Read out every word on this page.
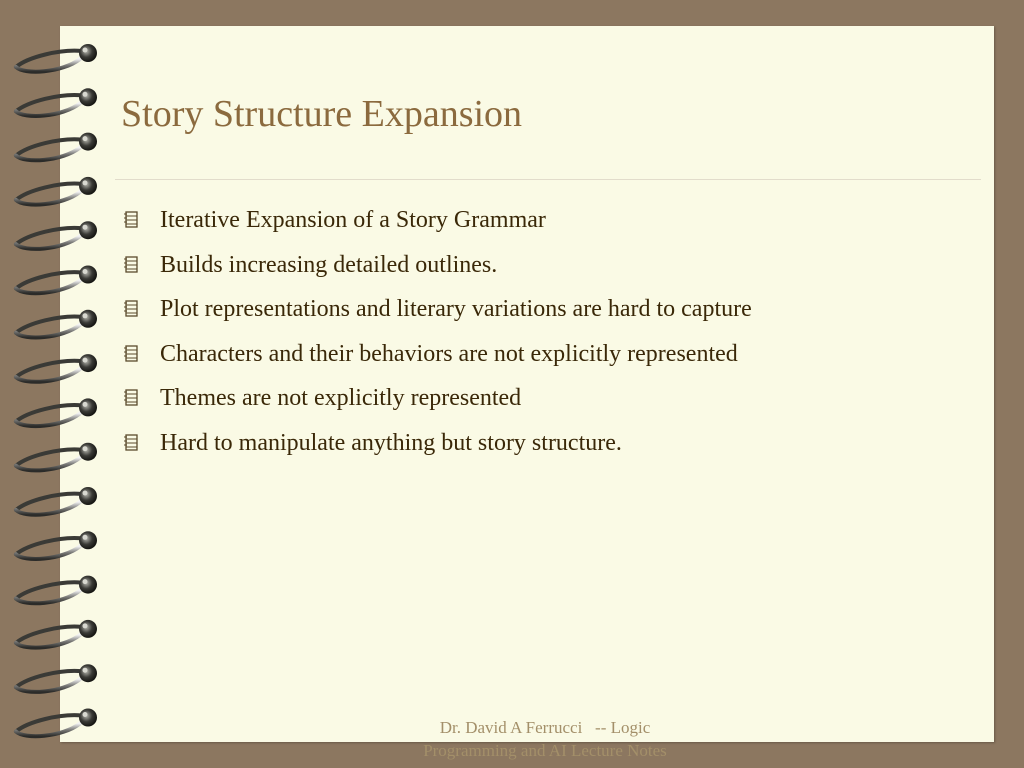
Story Structure Expansion
Iterative Expansion of a Story Grammar
Builds increasing detailed outlines.
Plot representations and literary variations are hard to capture
Characters and their behaviors are not explicitly represented
Themes are not explicitly represented
Hard to manipulate anything but story structure.
Dr. David A Ferrucci   -- Logic
Programming and AI Lecture Notes
